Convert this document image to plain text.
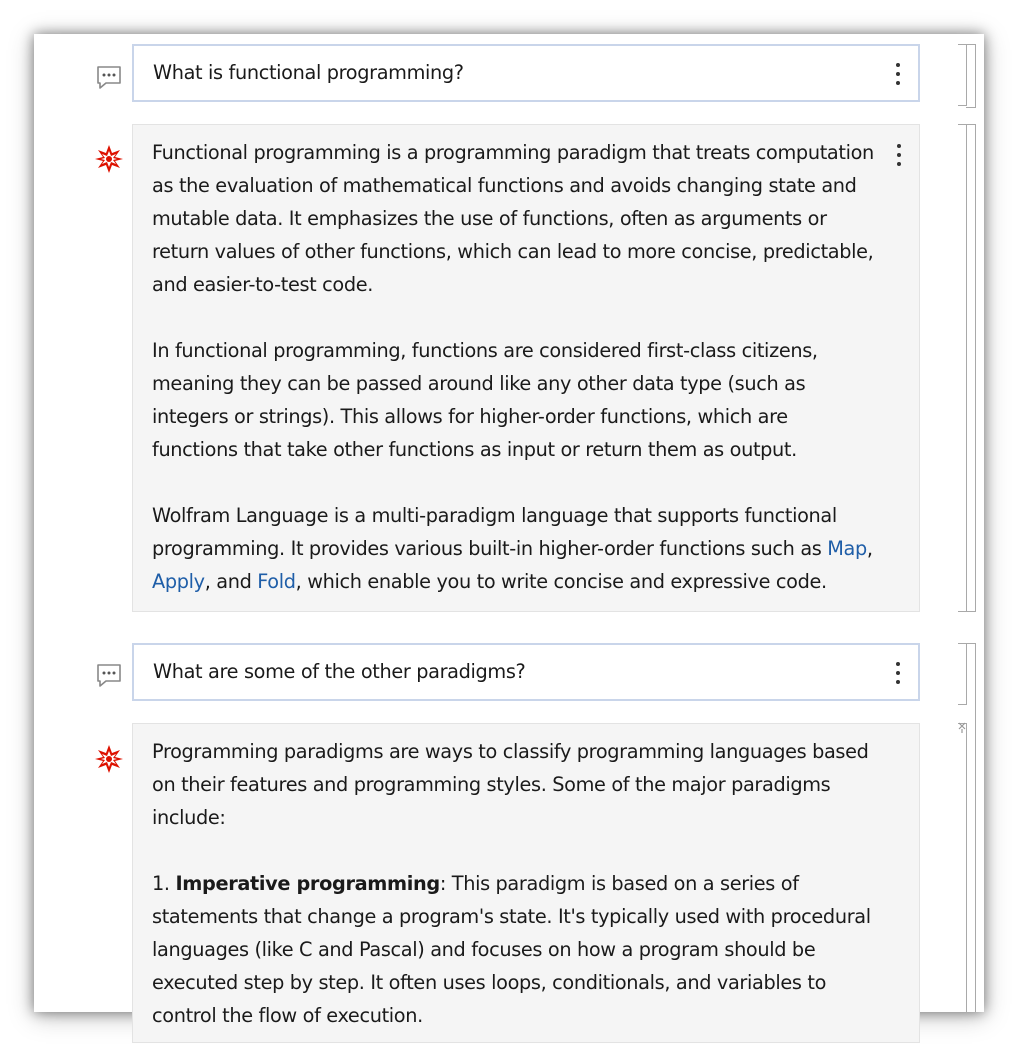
What is functional programming?

Functional programming is a programming paradigm that treats computation as the evaluation of mathematical functions and avoids changing state and mutable data. It emphasizes the use of functions, often as arguments or return values of other functions, which can lead to more concise, predictable, and easier-to-test code.

In functional programming, functions are considered first-class citizens, meaning they can be passed around like any other data type (such as integers or strings). This allows for higher-order functions, which are functions that take other functions as input or return them as output.

Wolfram Language is a multi-paradigm language that supports functional programming. It provides various built-in higher-order functions such as Map, Apply, and Fold, which enable you to write concise and expressive code.

What are some of the other paradigms?

Programming paradigms are ways to classify programming languages based on their features and programming styles. Some of the major paradigms include:

1. Imperative programming: This paradigm is based on a series of statements that change a program's state. It's typically used with procedural languages (like C and Pascal) and focuses on how a program should be executed step by step. It often uses loops, conditionals, and variables to control the flow of execution.
